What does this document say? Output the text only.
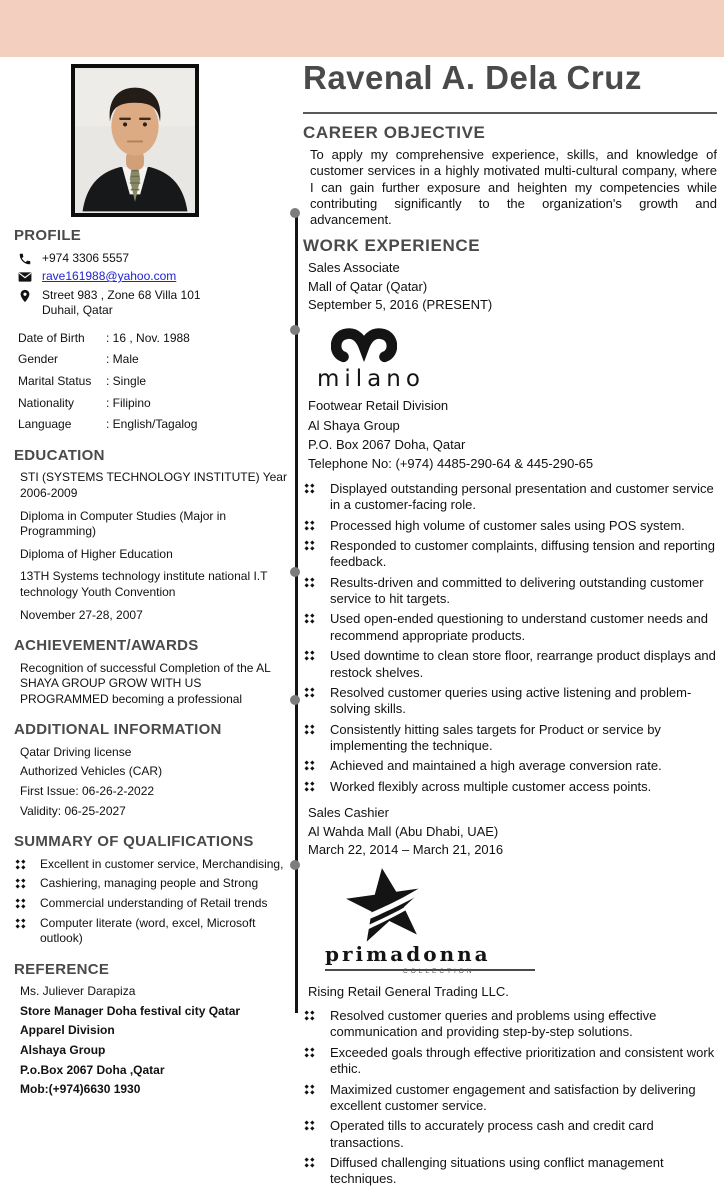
PROFILE
+974 3306 5557
rave161988@yahoo.com
Street 983 , Zone 68 Villa 101
Duhail, Qatar
Date of Birth	: 16 , Nov. 1988
Gender	: Male
Marital Status	: Single
Nationality	: Filipino
Language	: English/Tagalog
EDUCATION

STI (SYSTEMS TECHNOLOGY INSTITUTE) Year 2006-2009

Diploma in Computer Studies (Major in Programming)

Diploma of Higher Education

13TH Systems technology institute national I.T technology Youth Convention

November 27-28, 2007

ACHIEVEMENT/AWARDS

Recognition of successful Completion of the AL SHAYA GROUP GROW WITH US PROGRAMMED becoming a professional

ADDITIONAL INFORMATION
Qatar Driving license
Authorized Vehicles (CAR)
First Issue: 06-26-2-2022
Validity: 06-25-2027
SUMMARY OF QUALIFICATIONS
Excellent in customer service, Merchandising,
Cashiering, managing people and Strong
Commercial understanding of Retail trends
Computer literate (word, excel, Microsoft outlook)
REFERENCE
Ms. Juliever Darapiza
Store Manager Doha festival city Qatar
Apparel Division
Alshaya Group
P.o.Box 2067 Doha ,Qatar
Mob:(+974)6630 1930
Ravenal A. Dela Cruz
CAREER OBJECTIVE

To apply my comprehensive experience, skills, and knowledge of customer services in a highly motivated multi-cultural company, where I can gain further exposure and heighten my competencies while contributing significantly to the organization's growth and advancement.

WORK EXPERIENCE
Sales Associate
Mall of Qatar (Qatar)
September 5, 2016 (PRESENT)
milano
Footwear Retail Division
Al Shaya Group
P.O. Box 2067 Doha, Qatar
Telephone No: (+974) 4485-290-64 & 445-290-65
Displayed outstanding personal presentation and customer service in a customer-facing role.
Processed high volume of customer sales using POS system.
Responded to customer complaints, diffusing tension and reporting feedback.
Results-driven and committed to delivering outstanding customer service to hit targets.
Used open-ended questioning to understand customer needs and recommend appropriate products.
Used downtime to clean store floor, rearrange product displays and restock shelves.
Resolved customer queries using active listening and problem-solving skills.
Consistently hitting sales targets for Product or service by implementing the technique.
Achieved and maintained a high average conversion rate.
Worked flexibly across multiple customer access points.
Sales Cashier
Al Wahda Mall (Abu Dhabi, UAE)
March 22, 2014 – March 21, 2016
primadonna
COLLECTION
Rising Retail General Trading LLC.
Resolved customer queries and problems using effective communication and providing step-by-step solutions.
Exceeded goals through effective prioritization and consistent work ethic.
Maximized customer engagement and satisfaction by delivering excellent customer service.
Operated tills to accurately process cash and credit card transactions.
Diffused challenging situations using conflict management techniques.
